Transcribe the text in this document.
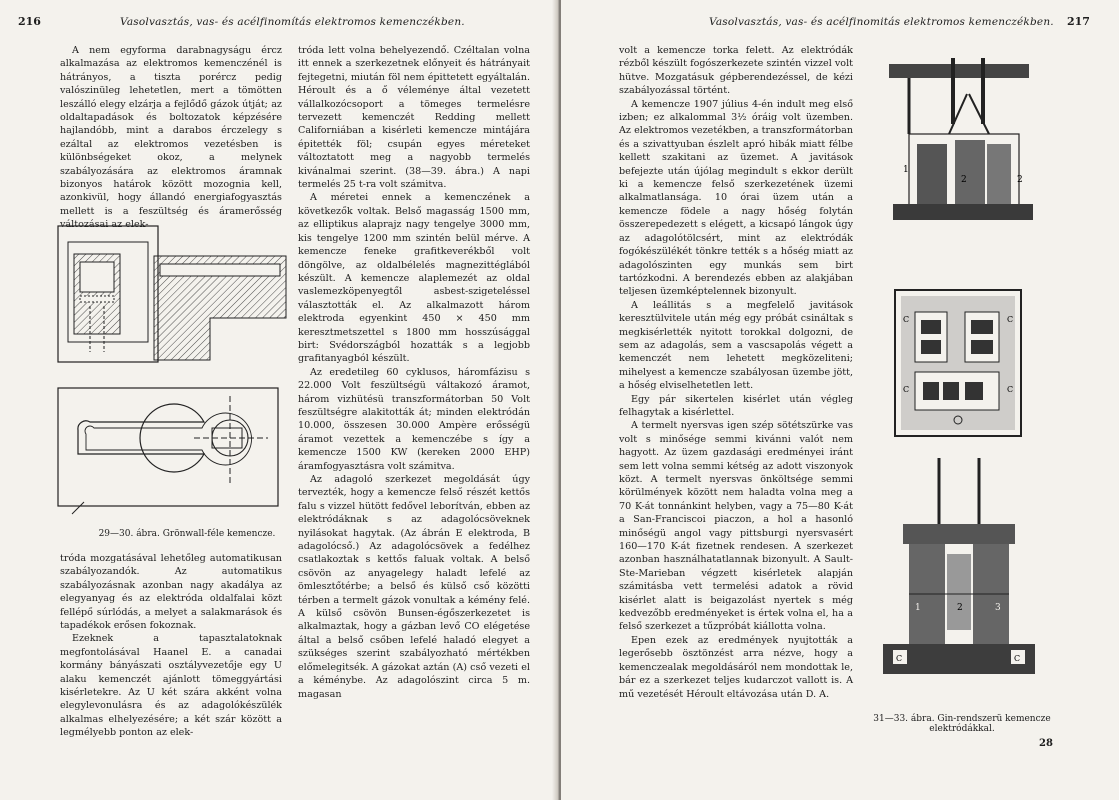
216	Vasolvasztás, vas- és acélfinomítás elektromos kemenczékben.

A nem egyforma darabnagyságu ércz alkalmazása az elektromos kemenczénél is hátrányos, a tiszta porércz pedig valószinüleg lehetetlen, mert a tömötten leszálló elegy elzárja a fejlődő gázok útját; az oldaltapadások és boltozatok képzésére hajlandóbb, mint a darabos érczelegy s ezáltal az elektromos vezetésben is különbségeket okoz, a melynek szabályozására az elektromos áramnak bizonyos határok között mozognia kell, azonkivül, hogy állandó energiafogyasztás mellett is a feszültség és áramerősség változásai az elek-

29—30. ábra. Grönwall-féle kemencze.

tróda mozgatásával lehetőleg automatikusan szabályozandók. Az automatikus szabályozásnak azonban nagy akadálya az elegyanyag és az elektróda oldalfalai közt fellépő súrlódás, a melyet a salakmarások és tapadékok erősen fokoznak.

Ezeknek a tapasztalatoknak megfontolásával Haanel E. a canadai kormány bányászati osztályvezetője egy U alaku kemenczét ajánlott tömeggyártási kisérletekre. Az U két szára akként volna elegylevonulásra és az adagolókészülék alkalmas elhelyezésére; a két szár között a legmélyebb ponton az elek-

tróda lett volna behelyezendő. Czéltalan volna itt ennek a szerkezetnek előnyeit és hátrányait fejtegetni, miután föl nem épittetett egyáltalán. Héroult és a ő véleménye által vezetett vállalkozócsoport a tömeges termelésre tervezett kemenczét Redding mellett Californiában a kisérleti kemencze mintájára épitették föl; csupán egyes méreteket változtatott meg a nagyobb termelés kivánalmai szerint. (38—39. ábra.) A napi termelés 25 t-ra volt számitva.

A méretei ennek a kemenczének a következők voltak. Belső magasság 1500 mm, az elliptikus alaprajz nagy tengelye 3000 mm, kis tengelye 1200 mm szintén belül mérve. A kemencze feneke grafitkeverékből volt döngölve, az oldalbélelés magnezittéglából készült. A kemencze alaplemezét az oldal vaslemezköpenyegtől asbest-szigeteléssel választották el. Az alkalmazott három elektroda egyenkint 450 × 450 mm keresztmetszettel s 1800 mm hosszúsággal birt: Svédországból hozatták s a legjobb grafitanyagból készült.

Az eredetileg 60 cyklusos, háromfázisu s 22.000 Volt feszültségü váltakozó áramot, három vizhütésü transzformátorban 50 Volt feszültségre alakitották át; minden elektródán 10.000, összesen 30.000 Ampère erősségü áramot vezettek a kemenczébe s így a kemencze 1500 KW (kereken 2000 EHP) áramfogyasztásra volt számitva.

Az adagoló szerkezet megoldását úgy tervezték, hogy a kemencze felső részét kettős falu s vizzel hütött fedővel leborítván, ebben az elektródáknak s az adagolócsöveknek nyilásokat hagytak. (Az ábrán E elektroda, B adagolócső.) Az adagolócsövek a fedélhez csatlakoztak s kettős faluak voltak. A belső csövön az anyagelegy haladt lefelé az ömlesztőtérbe; a belső és külső cső közötti térben a termelt gázok vonultak a kémény felé. A külső csövön Bunsen-égőszerkezetet is alkalmaztak, hogy a gázban levő CO elégetése által a belső csőben lefelé haladó elegyet a szükséges szerint szabályozható mértékben előmelegitsék. A gázokat aztán (A) cső vezeti el a kéménybe. Az adagolószint circa 5 m. magasan

Vasolvasztás, vas- és acélfinomitás elektromos kemenczékben. 217

volt a kemencze torka felett. Az elektródák rézből készült fogószerkezete szintén vizzel volt hütve. Mozgatásuk gépberendezéssel, de kézi szabályozással történt.

A kemencze 1907 július 4-én indult meg első izben; ez alkalommal 3½ óráig volt üzemben. Az elektromos vezetékben, a transzformátorban és a szivattyuban észlelt apró hibák miatt félbe kellett szakitani az üzemet. A javitások befejezte után újólag megindult s ekkor derült ki a kemencze felső szerkezetének üzemi alkalmatlansága. 10 órai üzem után a kemencze födele a nagy hőség folytán összerepedezett s elégett, a kicsapó lángok úgy az adagolótölcsért, mint az elektródák fogókészülékét tönkre tették s a hőség miatt az adagolószinten egy munkás sem birt tartózkodni. A berendezés ebben az alakjában teljesen üzemképtelennek bizonyult.

A leállitás s a megfelelő javitások keresztülvitele után még egy próbát csináltak s megkisérlették nyitott torokkal dolgozni, de sem az adagolás, sem a vascsapolás végett a kemenczét nem lehetett megközeliteni; mihelyest a kemencze szabályosan üzembe jött, a hőség elviselhetetlen lett.

Egy pár sikertelen kisérlet után végleg felhagytak a kisérlettel.

A termelt nyersvas igen szép sötétszürke vas volt s minősége semmi kivánni valót nem hagyott. Az üzem gazdasági eredményei iránt sem lett volna semmi kétség az adott viszonyok közt. A termelt nyersvas önköltsége semmi körülmények között nem haladta volna meg a 70 K-át tonnánkint helyben, vagy a 75—80 K-át a San-Franciscoi piaczon, a hol a hasonló minőségü angol vagy pittsburgi nyersvasért 160—170 K-át fizetnek rendesen. A szerkezet azonban használhatatlannak bizonyult. A Sault-Ste-Marieban végzett kisérletek alapján számitásba vett termelési adatok a rövid kisérlet alatt is beigazolást nyertek s még kedvezőbb eredményeket is értek volna el, ha a felső szerkezet a tűzpróbát kiállotta volna.

Epen ezek az eredmények nyujtották a legerősebb ösztönzést arra nézve, hogy a kemenczealak megoldásáról nem mondottak le, bár ez a szerkezet teljes kudarczot vallott is. A mű vezetését Héroult eltávozása után D. A.

1
2	2
C	C
C	C
1	2	3
C	C
31—33. ábra. Gin-rendszerü kemencze elektródákkal.
28
